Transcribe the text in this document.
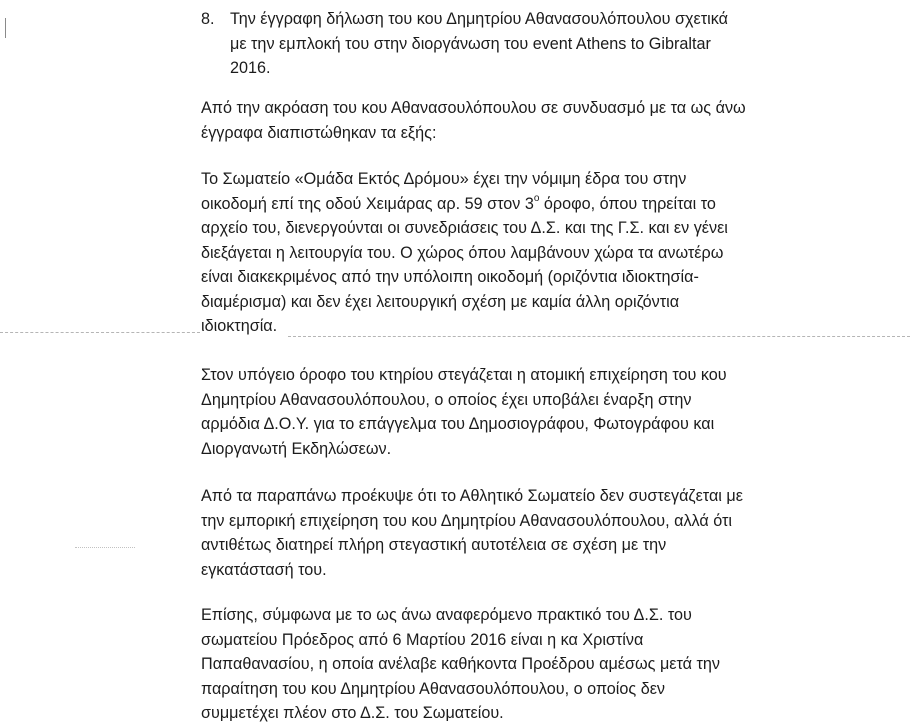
8. Την έγγραφη δήλωση του κου Δημητρίου Αθανασουλόπουλου σχετικά
με την εμπλοκή του στην διοργάνωση του event Athens to Gibraltar
2016.
Από την ακρόαση του κου Αθανασουλόπουλου σε συνδυασμό με τα ως άνω
έγγραφα διαπιστώθηκαν τα εξής:
Το Σωματείο «Ομάδα Εκτός Δρόμου» έχει την νόμιμη έδρα του στην
οικοδομή επί της οδού Χειμάρας αρ. 59 στον $3^o$ όροφο, όπου τηρείται το
αρχείο του, διενεργούνται οι συνεδριάσεις του Δ.Σ. και της Γ.Σ. και εν γένει
διεξάγεται η λειτουργία του. Ο χώρος όπου λαμβάνουν χώρα τα ανωτέρω
είναι διακεκριμένος από την υπόλοιπη οικοδομή (οριζόντια ιδιοκτησία-
διαμέρισμα) και δεν έχει λειτουργική σχέση με καμία άλλη οριζόντια
ιδιοκτησία.
Στον υπόγειο όροφο του κτηρίου στεγάζεται η ατομική επιχείρηση του κου
Δημητρίου Αθανασουλόπουλου, ο οποίος έχει υποβάλει έναρξη στην
αρμόδια Δ.Ο.Υ. για το επάγγελμα του Δημοσιογράφου, Φωτογράφου και
Διοργανωτή Εκδηλώσεων.
Από τα παραπάνω προέκυψε ότι το Αθλητικό Σωματείο δεν συστεγάζεται με
την εμπορική επιχείρηση του κου Δημητρίου Αθανασουλόπουλου, αλλά ότι
αντιθέτως διατηρεί πλήρη στεγαστική αυτοτέλεια σε σχέση με την
εγκατάστασή του.
Επίσης, σύμφωνα με το ως άνω αναφερόμενο πρακτικό του Δ.Σ. του
σωματείου Πρόεδρος από 6 Μαρτίου 2016 είναι η κα Χριστίνα
Παπαθανασίου, η οποία ανέλαβε καθήκοντα Προέδρου αμέσως μετά την
παραίτηση του κου Δημητρίου Αθανασουλόπουλου, ο οποίος δεν
συμμετέχει πλέον στο Δ.Σ. του Σωματείου.
